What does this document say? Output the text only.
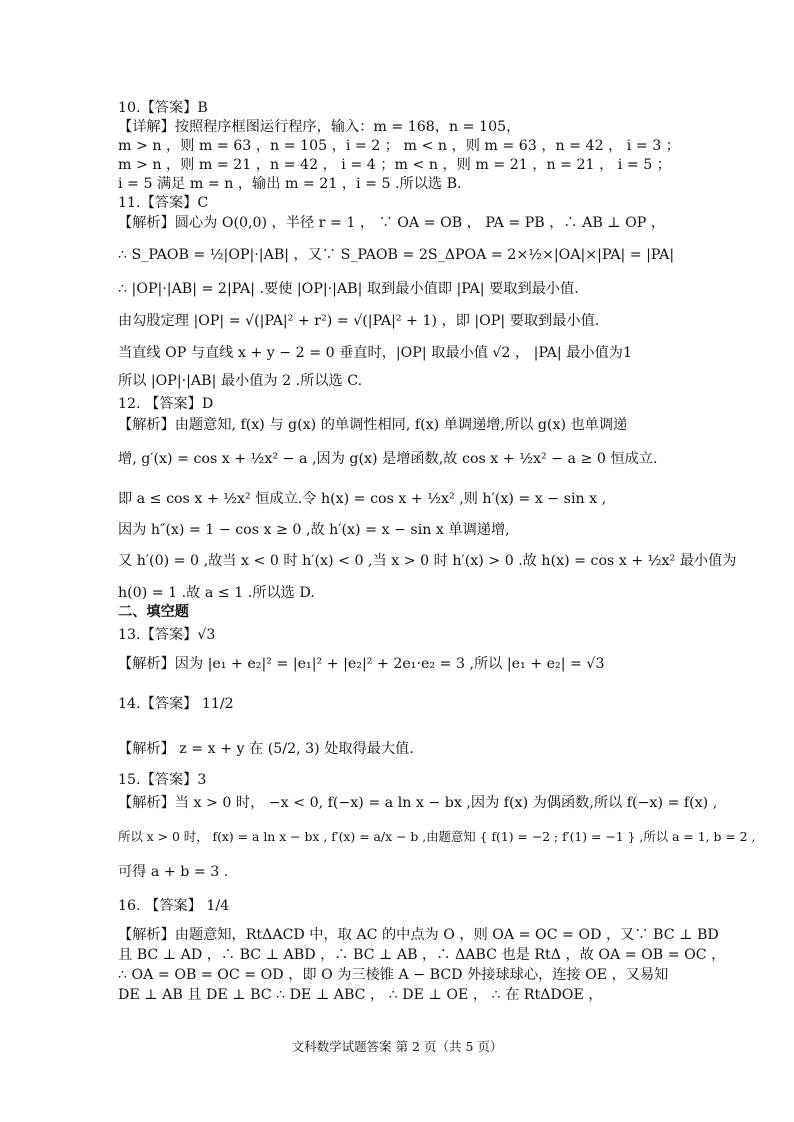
10.【答案】B
【详解】按照程序框图运行程序，输入：m = 168，n = 105，
m > n ，则 m = 63 ，n = 105 ，i = 2 ； m < n ，则 m = 63 ，n = 42 ， i = 3 ；
m > n ，则 m = 21 ，n = 42 ， i = 4 ；m < n ，则 m = 21 ，n = 21 ， i = 5 ；
i = 5 满足 m = n ，输出 m = 21 ，i = 5 .所以选 B.
11.【答案】C
【解析】圆心为 O(0,0) ，半径 r = 1 ， ∵ OA = OB ， PA = PB ，∴ AB ⊥ OP ，
∴ S_PAOB = ½|OP|·|AB| ，又∵ S_PAOB = 2S_ΔPOA = 2×½×|OA|×|PA| = |PA|
∴ |OP|·|AB| = 2|PA| .要使 |OP|·|AB| 取到最小值即 |PA| 要取到最小值.
由勾股定理 |OP| = √(|PA|² + r²) = √(|PA|² + 1) ，即 |OP| 要取到最小值.
当直线 OP 与直线 x + y − 2 = 0 垂直时，|OP| 取最小值 √2 ， |PA| 最小值为1
所以 |OP|·|AB| 最小值为 2 .所以选 C.
12. 【答案】D
【解析】由题意知, f(x) 与 g(x) 的单调性相同, f(x) 单调递增,所以 g(x) 也单调递
增, g′(x) = cos x + ½x² − a ,因为 g(x) 是增函数,故 cos x + ½x² − a ≥ 0 恒成立.
即 a ≤ cos x + ½x² 恒成立.令 h(x) = cos x + ½x² ,则 h′(x) = x − sin x ,
因为 h″(x) = 1 − cos x ≥ 0 ,故 h′(x) = x − sin x 单调递增,
又 h′(0) = 0 ,故当 x < 0 时 h′(x) < 0 ,当 x > 0 时 h′(x) > 0 .故 h(x) = cos x + ½x² 最小值为
h(0) = 1 .故 a ≤ 1 .所以选 D.
二、填空题
13.【答案】√3
【解析】因为 |e₁ + e₂|² = |e₁|² + |e₂|² + 2e₁·e₂ = 3 ,所以 |e₁ + e₂| = √3
14.【答案】 11/2
【解析】 z = x + y 在 (5/2, 3) 处取得最大值.
15.【答案】3
【解析】当 x > 0 时， −x < 0, f(−x) = a ln x − bx ,因为 f(x) 为偶函数,所以 f(−x) = f(x) ,
所以 x > 0 时， f(x) = a ln x − bx , f′(x) = a/x − b ,由题意知 { f(1) = −2 ; f′(1) = −1 } ,所以 a = 1, b = 2 ,
可得 a + b = 3 .
16. 【答案】 1/4
【解析】由题意知，RtΔACD 中，取 AC 的中点为 O ，则 OA = OC = OD ，又∵ BC ⊥ BD
且 BC ⊥ AD ，∴ BC ⊥ ABD ，∴ BC ⊥ AB ，∴ ΔABC 也是 RtΔ ，故 OA = OB = OC ，
∴ OA = OB = OC = OD ，即 O 为三棱锥 A − BCD 外接球球心，连接 OE ，又易知
DE ⊥ AB 且 DE ⊥ BC ∴ DE ⊥ ABC ， ∴ DE ⊥ OE ， ∴ 在 RtΔDOE ，
文科数学试题答案 第 2 页（共 5 页）
